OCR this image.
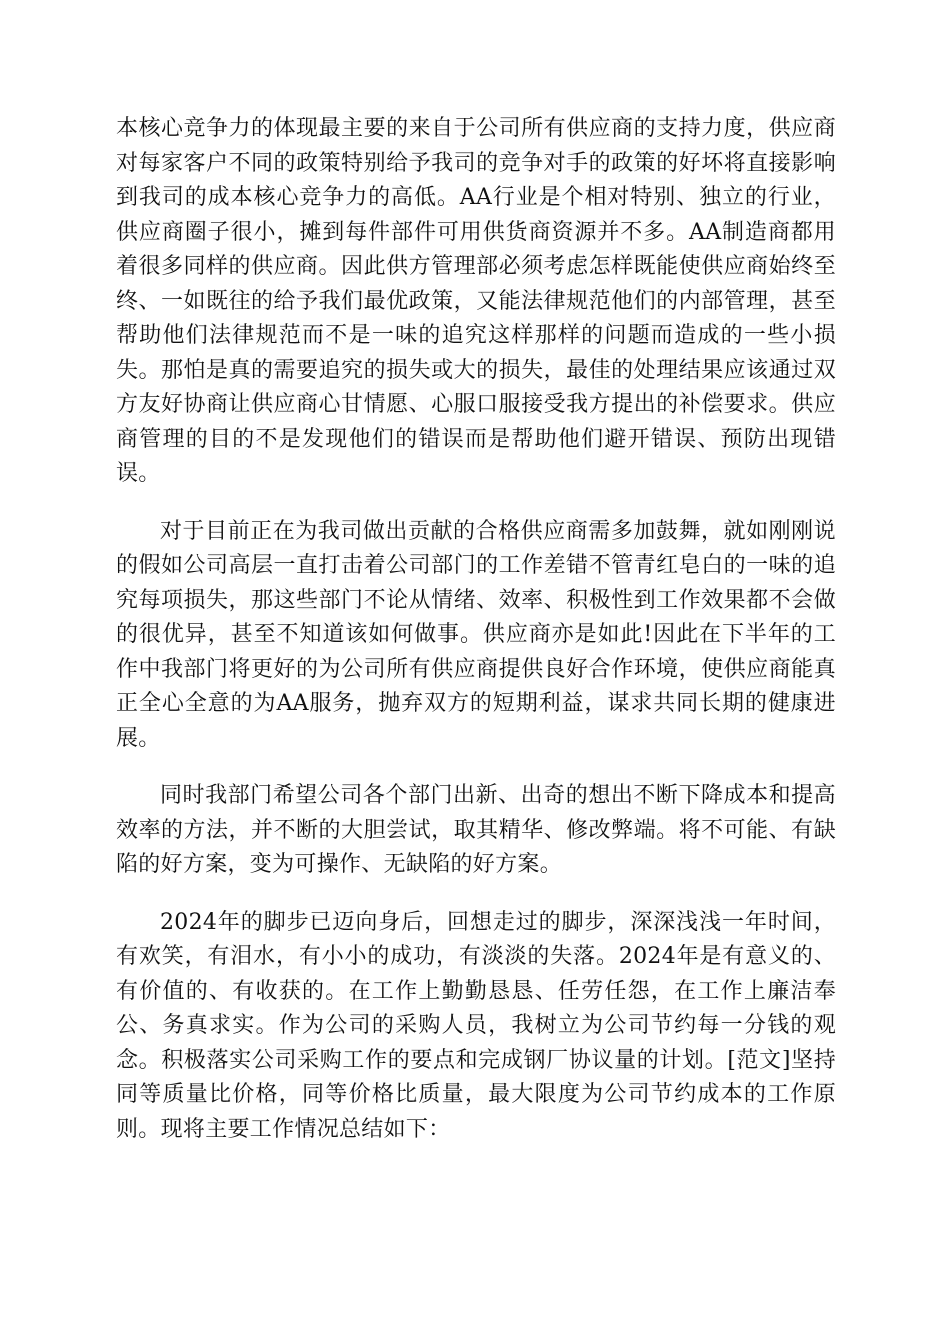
本核心竞争力的体现最主要的来自于公司所有供应商的支持力度，供应商对每家客户不同的政策特别给予我司的竞争对手的政策的好坏将直接影响到我司的成本核心竞争力的高低。AA行业是个相对特别、独立的行业，供应商圈子很小，摊到每件部件可用供货商资源并不多。AA制造商都用着很多同样的供应商。因此供方管理部必须考虑怎样既能使供应商始终至终、一如既往的给予我们最优政策，又能法律规范他们的内部管理，甚至帮助他们法律规范而不是一味的追究这样那样的问题而造成的一些小损失。那怕是真的需要追究的损失或大的损失，最佳的处理结果应该通过双方友好协商让供应商心甘情愿、心服口服接受我方提出的补偿要求。供应商管理的目的不是发现他们的错误而是帮助他们避开错误、预防出现错误。

对于目前正在为我司做出贡献的合格供应商需多加鼓舞，就如刚刚说的假如公司高层一直打击着公司部门的工作差错不管青红皂白的一味的追究每项损失，那这些部门不论从情绪、效率、积极性到工作效果都不会做的很优异，甚至不知道该如何做事。供应商亦是如此!因此在下半年的工作中我部门将更好的为公司所有供应商提供良好合作环境，使供应商能真正全心全意的为AA服务，抛弃双方的短期利益，谋求共同长期的健康进展。

同时我部门希望公司各个部门出新、出奇的想出不断下降成本和提高效率的方法，并不断的大胆尝试，取其精华、修改弊端。将不可能、有缺陷的好方案，变为可操作、无缺陷的好方案。

2024年的脚步已迈向身后，回想走过的脚步，深深浅浅一年时间，有欢笑，有泪水，有小小的成功，有淡淡的失落。2024年是有意义的、有价值的、有收获的。在工作上勤勤恳恳、任劳任怨，在工作上廉洁奉公、务真求实。作为公司的采购人员，我树立为公司节约每一分钱的观念。积极落实公司采购工作的要点和完成钢厂协议量的计划。[范文]坚持同等质量比价格，同等价格比质量，最大限度为公司节约成本的工作原则。现将主要工作情况总结如下：
